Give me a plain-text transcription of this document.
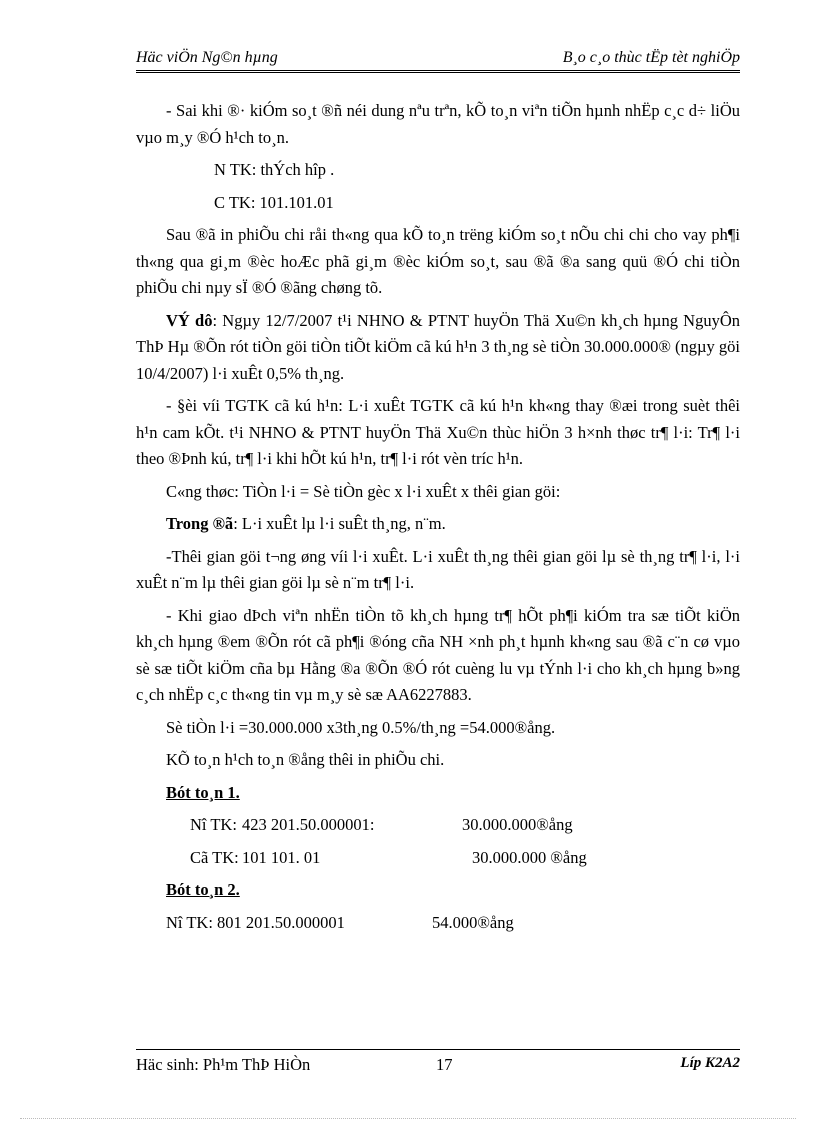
Häc viÖn Ng©n hµng	B¸o c¸o thùc tËp tèt nghiÖp

- Sai khi ®· kiÓm so¸t ®ñ néi dung nªu trªn, kÕ to¸n viªn tiÕn hµnh nhËp c¸c d÷ liÖu vµo m¸y ®Ó h¹ch to¸n.

N TK: thÝch hîp .

C TK: 101.101.01

Sau ®ã in phiÕu chi råi th«ng qua kÕ to¸n trëng kiÓm so¸t nÕu chi chi cho vay ph¶i th«ng qua gi¸m ®èc hoÆc phã gi¸m ®èc kiÓm so¸t, sau ®ã ®a sang quü ®Ó chi tiÒn phiÕu chi nµy sÏ ®Ó ®ãng chøng tõ.

VÝ dô: Ngµy 12/7/2007 t¹i NHNO & PTNT huyÖn Thä Xu©n kh¸ch hµng NguyÔn ThÞ Hµ ®Õn rót tiÒn göi tiÒn tiÕt kiÖm cã kú h¹n 3 th¸ng sè tiÒn 30.000.000® (ngµy göi 10/4/2007) l·i xuÊt 0,5% th¸ng.

- §èi víi TGTK cã kú h¹n: L·i xuÊt TGTK cã kú h¹n kh«ng thay ®æi trong suèt thêi h¹n cam kÕt. t¹i NHNO & PTNT huyÖn Thä Xu©n thùc hiÖn 3 h×nh thøc tr¶ l·i: Tr¶ l·i theo ®Þnh kú, tr¶ l·i khi hÕt kú h¹n, tr¶ l·i rót vèn tríc h¹n.

C«ng thøc: TiÒn l·i = Sè tiÒn gèc x l·i xuÊt x thêi gian göi:

Trong ®ã: L·i xuÊt lµ l·i suÊt th¸ng, n¨m.

-Thêi gian göi t¬ng øng víi l·i xuÊt. L·i xuÊt th¸ng thêi gian göi lµ sè th¸ng tr¶ l·i, l·i xuÊt n¨m lµ thêi gian göi lµ sè n¨m tr¶ l·i.

- Khi giao dÞch viªn nhËn tiÒn tõ kh¸ch hµng tr¶ hÕt ph¶i kiÓm tra sæ tiÕt kiÖn kh¸ch hµng ®em ®Õn rót cã ph¶i ®óng cña NH ×nh ph¸t hµnh kh«ng sau ®ã c¨n cø vµo sè sæ tiÕt kiÖm cña bµ Hằng ®a ®Õn ®Ó rót cuèng lu vµ tÝnh l·i cho kh¸ch hµng b»ng c¸ch nhËp c¸c th«ng tin vµ m¸y sè sæ AA6227883.

Sè tiÒn l·i =30.000.000 x3th¸ng 0.5%/th¸ng =54.000®ång.

KÕ to¸n h¹ch to¸n ®ång thêi in phiÕu chi.

Bót to¸n 1.

Nî TK: 423 201.50.000001:	30.000.000®ång
Cã TK: 101 101. 01	30.000.000 ®ång

Bót to¸n 2.

Nî TK: 801 201.50.000001	54.000®ång
Häc sinh: Ph¹m ThÞ HiÒn	17	Líp K2A2
